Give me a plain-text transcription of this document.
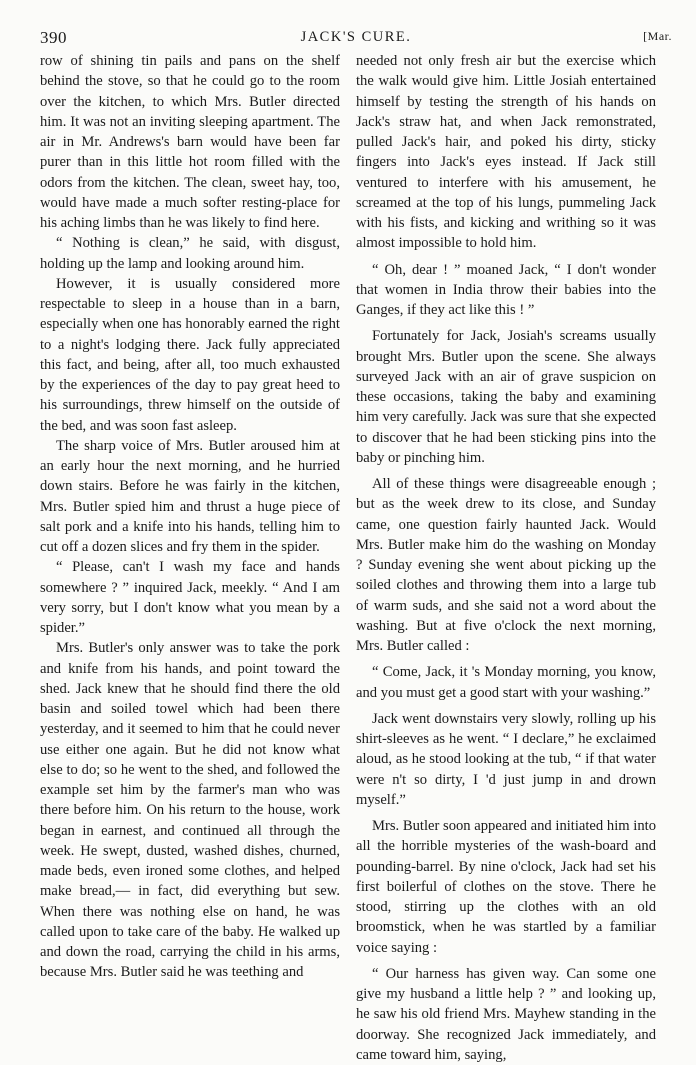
390	JACK'S CURE.	[Mar.

row of shining tin pails and pans on the shelf behind the stove, so that he could go to the room over the kitchen, to which Mrs. Butler directed him. It was not an inviting sleeping apartment. The air in Mr. Andrews's barn would have been far purer than in this little hot room filled with the odors from the kitchen. The clean, sweet hay, too, would have made a much softer resting-place for his aching limbs than he was likely to find here.

“ Nothing is clean,” he said, with disgust, holding up the lamp and looking around him.

However, it is usually considered more respectable to sleep in a house than in a barn, especially when one has honorably earned the right to a night's lodging there. Jack fully appreciated this fact, and being, after all, too much exhausted by the experiences of the day to pay great heed to his surroundings, threw himself on the outside of the bed, and was soon fast asleep.

The sharp voice of Mrs. Butler aroused him at an early hour the next morning, and he hurried down stairs. Before he was fairly in the kitchen, Mrs. Butler spied him and thrust a huge piece of salt pork and a knife into his hands, telling him to cut off a dozen slices and fry them in the spider.

“ Please, can't I wash my face and hands somewhere ? ” inquired Jack, meekly. “ And I am very sorry, but I don't know what you mean by a spider.”

Mrs. Butler's only answer was to take the pork and knife from his hands, and point toward the shed. Jack knew that he should find there the old basin and soiled towel which had been there yesterday, and it seemed to him that he could never use either one again. But he did not know what else to do; so he went to the shed, and followed the example set him by the farmer's man who was there before him. On his return to the house, work began in earnest, and continued all through the week. He swept, dusted, washed dishes, churned, made beds, even ironed some clothes, and helped make bread,— in fact, did everything but sew. When there was nothing else on hand, he was called upon to take care of the baby. He walked up and down the road, carrying the child in his arms, because Mrs. Butler said he was teething and

needed not only fresh air but the exercise which the walk would give him. Little Josiah entertained himself by testing the strength of his hands on Jack's straw hat, and when Jack remonstrated, pulled Jack's hair, and poked his dirty, sticky fingers into Jack's eyes instead. If Jack still ventured to interfere with his amusement, he screamed at the top of his lungs, pummeling Jack with his fists, and kicking and writhing so it was almost impossible to hold him.

“ Oh, dear ! ” moaned Jack, “ I don't wonder that women in India throw their babies into the Ganges, if they act like this ! ”

Fortunately for Jack, Josiah's screams usually brought Mrs. Butler upon the scene. She always surveyed Jack with an air of grave suspicion on these occasions, taking the baby and examining him very carefully. Jack was sure that she expected to discover that he had been sticking pins into the baby or pinching him.

All of these things were disagreeable enough ; but as the week drew to its close, and Sunday came, one question fairly haunted Jack. Would Mrs. Butler make him do the washing on Monday ? Sunday evening she went about picking up the soiled clothes and throwing them into a large tub of warm suds, and she said not a word about the washing. But at five o'clock the next morning, Mrs. Butler called :

“ Come, Jack, it 's Monday morning, you know, and you must get a good start with your washing.”

Jack went downstairs very slowly, rolling up his shirt-sleeves as he went. “ I declare,” he exclaimed aloud, as he stood looking at the tub, “ if that water were n't so dirty, I 'd just jump in and drown myself.”

Mrs. Butler soon appeared and initiated him into all the horrible mysteries of the wash-board and pounding-barrel. By nine o'clock, Jack had set his first boilerful of clothes on the stove. There he stood, stirring up the clothes with an old broomstick, when he was startled by a familiar voice saying :

“ Our harness has given way. Can some one give my husband a little help ? ” and looking up, he saw his old friend Mrs. Mayhew standing in the doorway. She recognized Jack immediately, and came toward him, saying,
